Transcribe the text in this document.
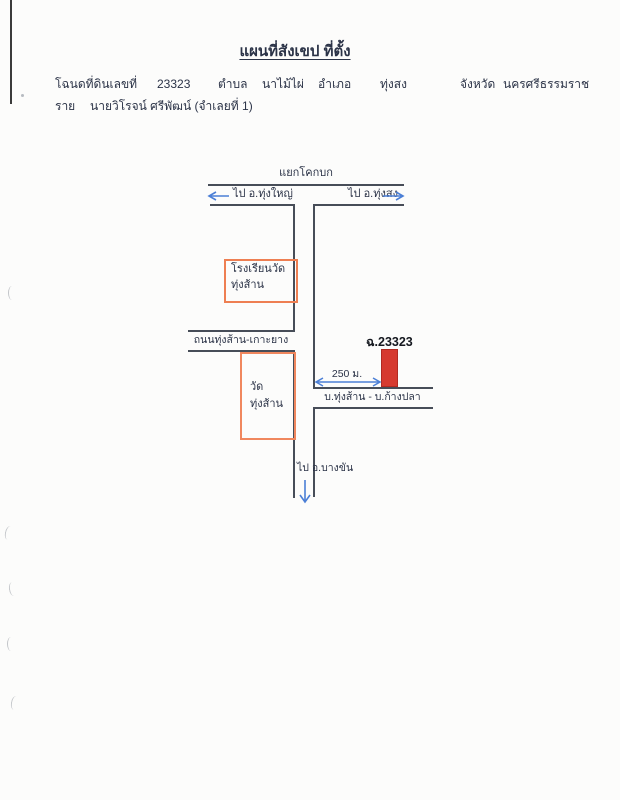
แผนที่สังเขป ที่ตั้ง
โฉนดที่ดินเลขที่ 23323 ตำบล นาไม้ไผ่ อำเภอ ทุ่งสง	จังหวัด นครศรีธรรมราช
ราย นายวิโรจน์ ศรีพัฒน์ (จำเลยที่ 1)
แยกโคกบก
ไป อ.ทุ่งใหญ่	ไป อ.ทุ่งสง
โรงเรียนวัด
ทุ่งส้าน
ถนนทุ่งส้าน-เกาะยาง
วัด
ทุ่งส้าน
ฉ.23323
250 ม.
บ.ทุ่งส้าน - บ.ก้างปลา
ไป อ.บางขัน
